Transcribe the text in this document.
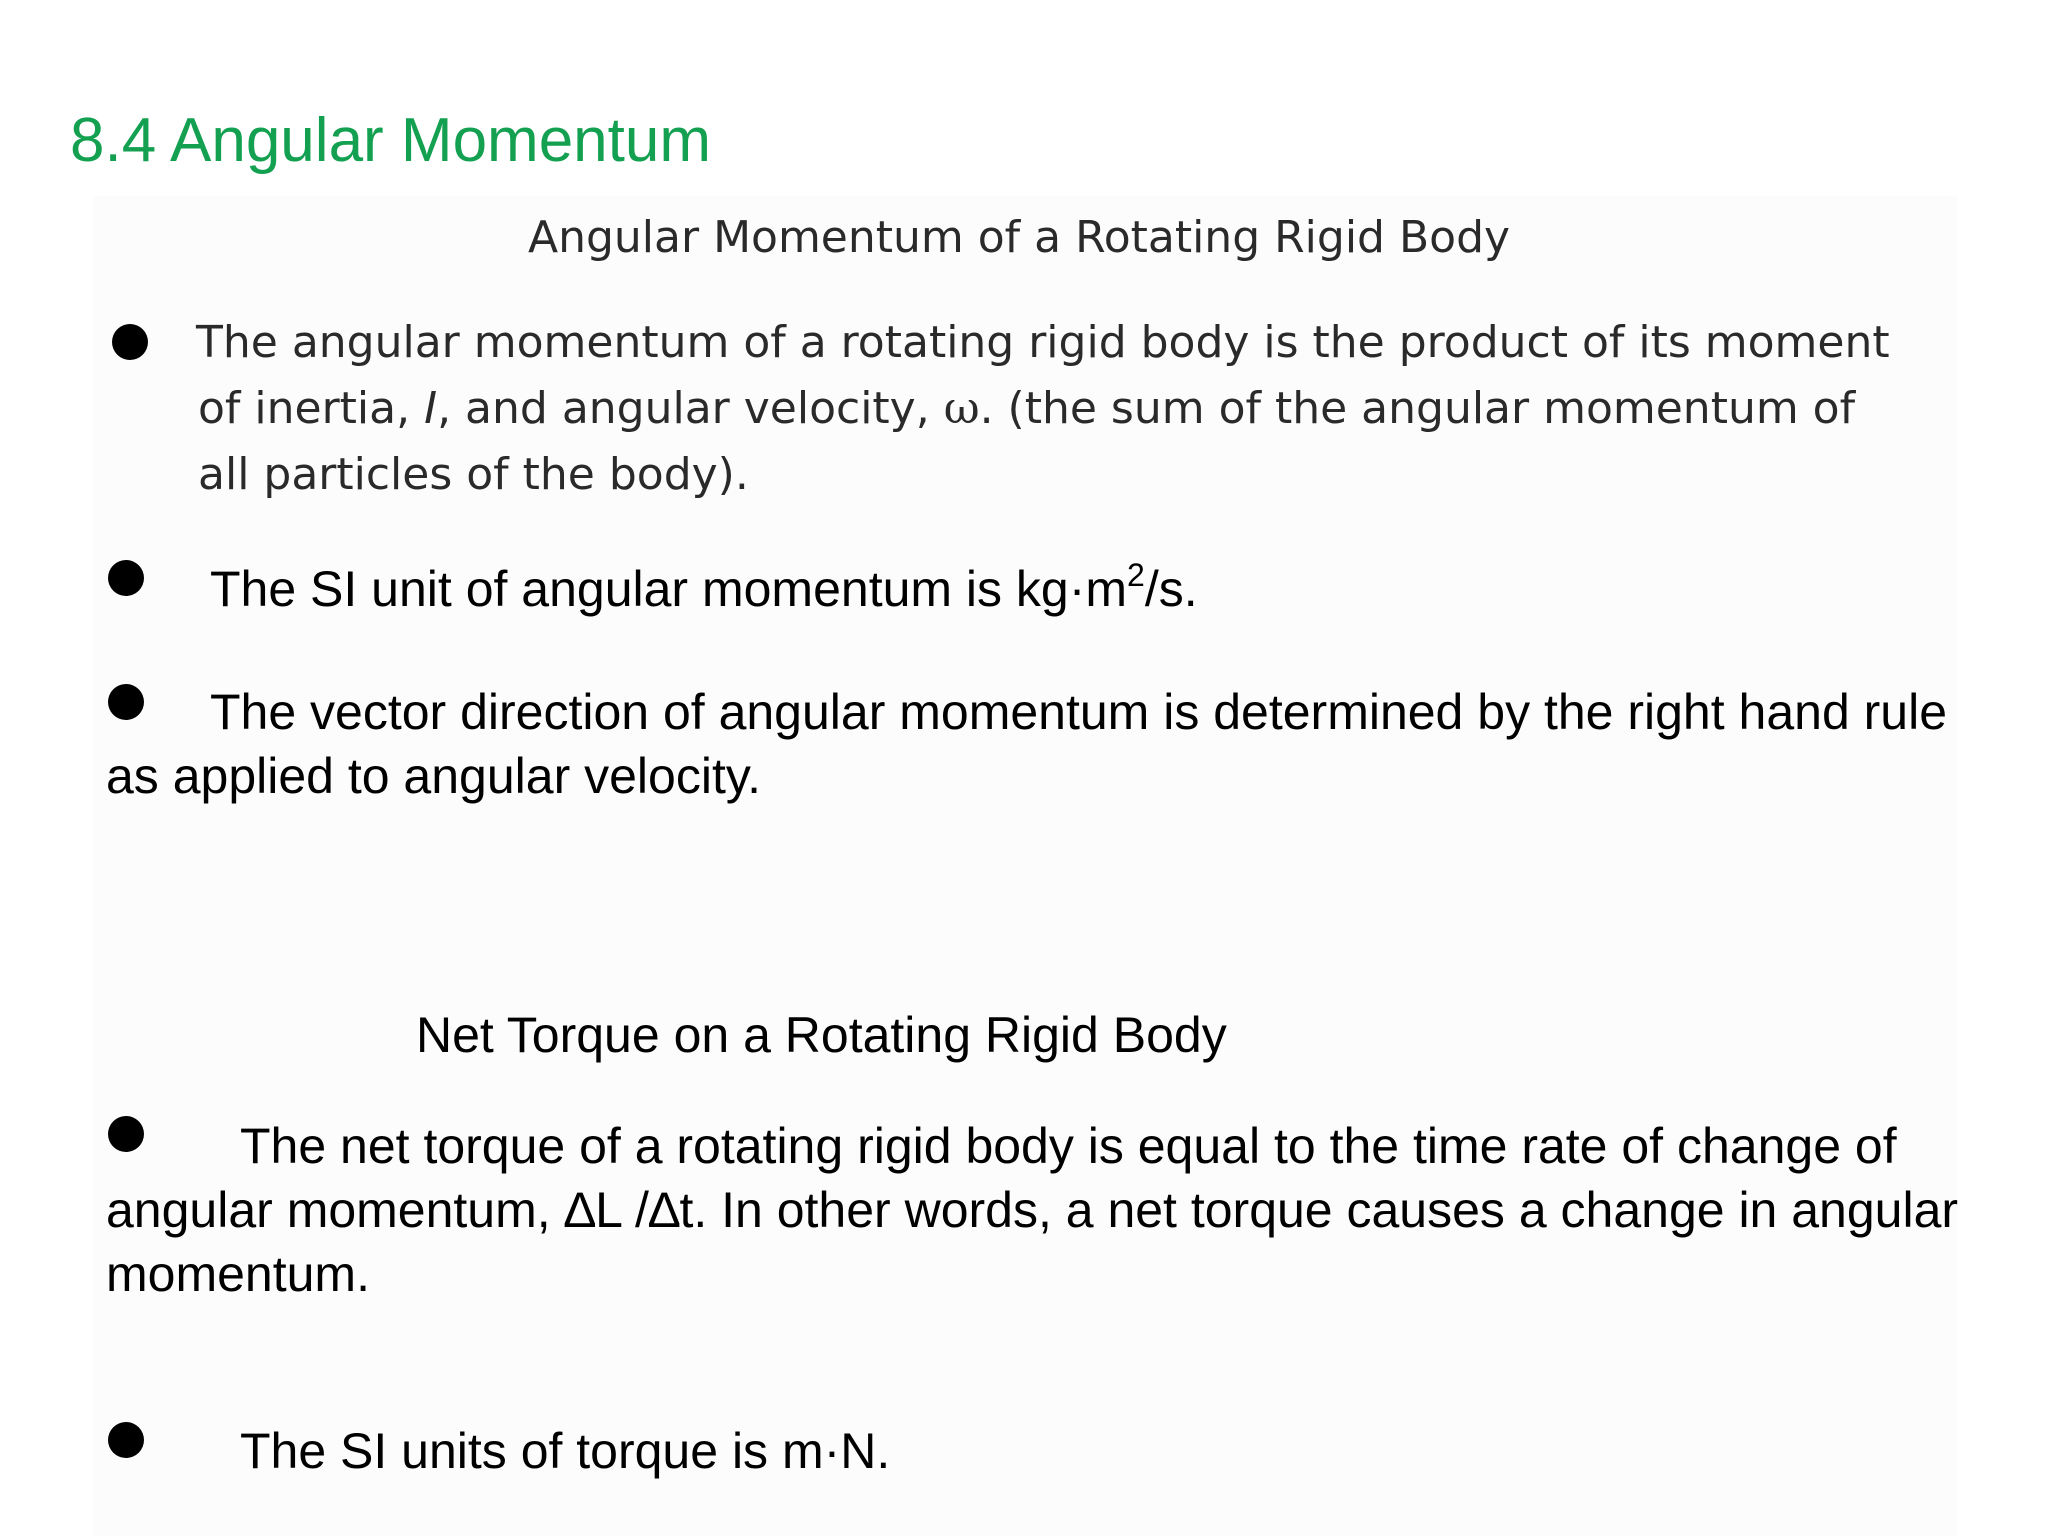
8.4 Angular Momentum
Angular Momentum of a Rotating Rigid Body
The angular momentum of a rotating rigid body is the product of its moment
of inertia, I, and angular velocity, ω. (the sum of the angular momentum of
all particles of the body).
The SI unit of angular momentum is $kg\cdot m^2/s$.
The vector direction of angular momentum is determined by the right hand rule as applied to angular velocity.
Net Torque on a Rotating Rigid Body
The net torque of a rotating rigid body is equal to the time rate of change of angular momentum, ∆L /∆t. In other words, a net torque causes a change in angular momentum.
The SI units of torque is m·N.
